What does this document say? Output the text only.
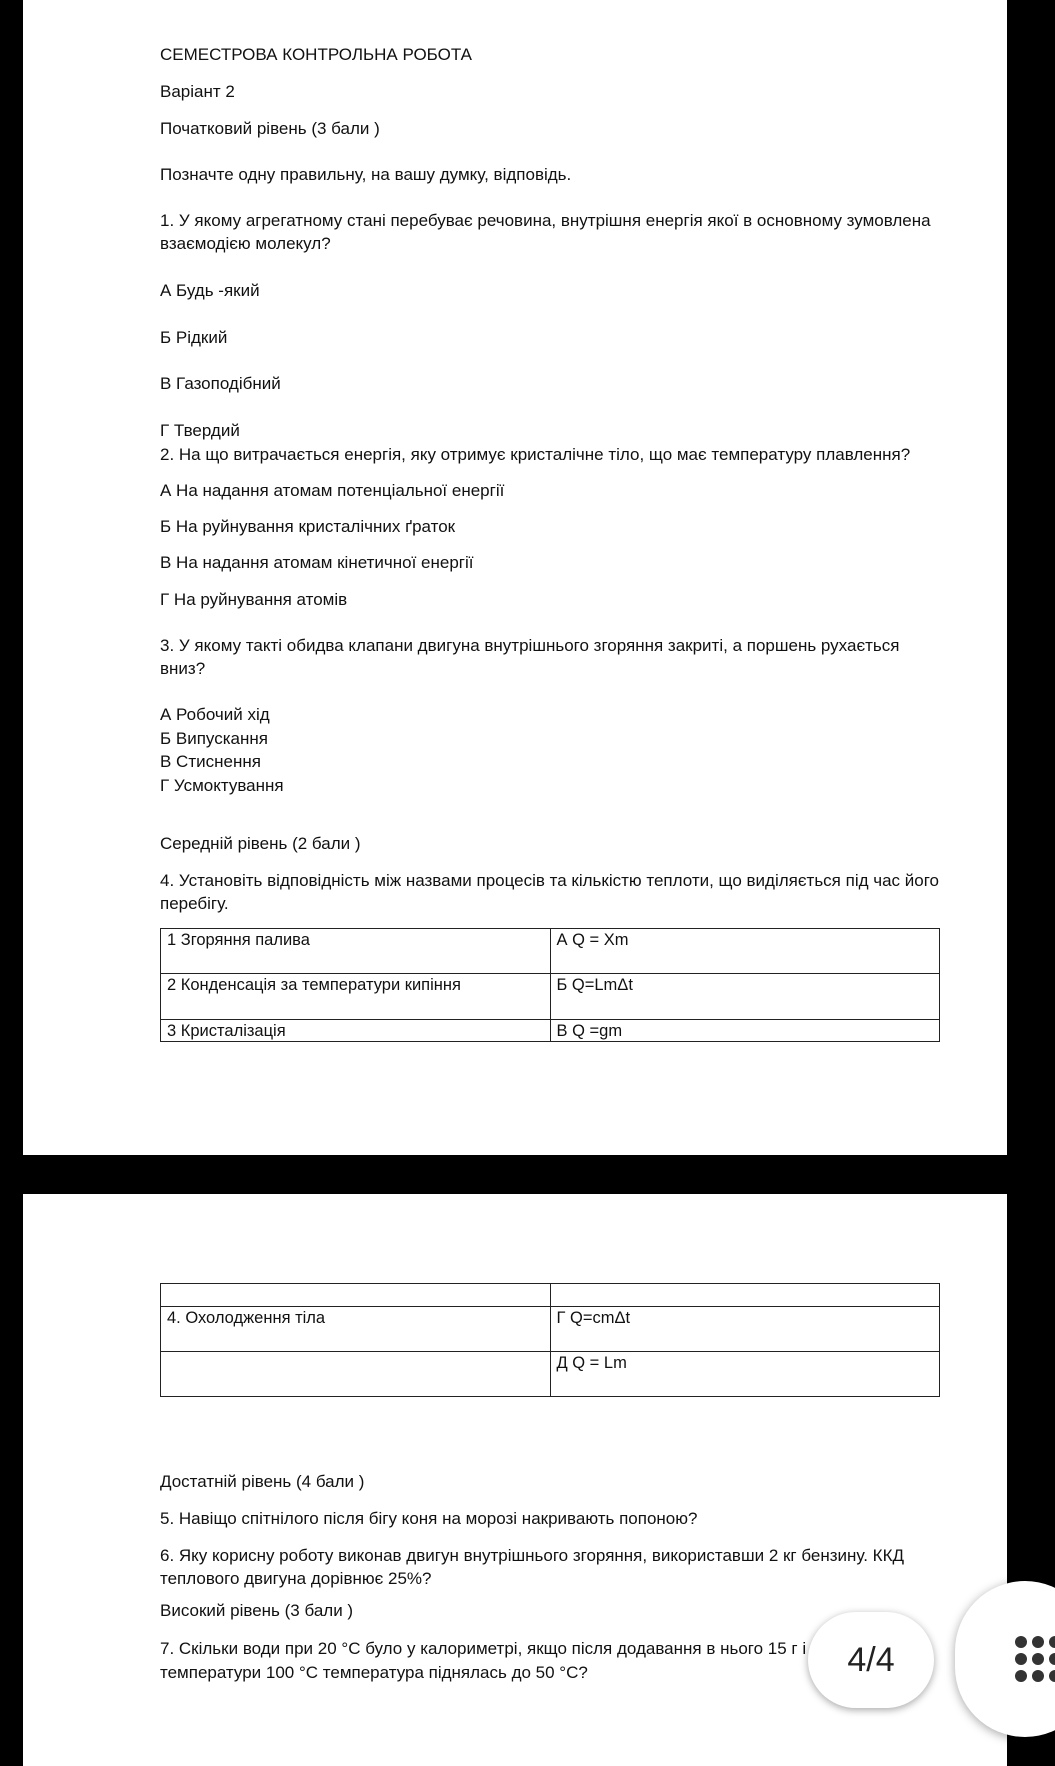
СЕМЕСТРОВА КОНТРОЛЬНА РОБОТА
Варіант 2
Початковий рівень (3 бали )
Позначте одну правильну, на вашу думку, відповідь.
1. У якому агрегатному стані перебуває речовина, внутрішня енергія якої в основному зумовлена взаємодією молекул?
А Будь -який
Б Рідкий
В Газоподібний
Г Твердий
2. На що витрачається енергія, яку отримує кристалічне тіло, що має температуру плавлення?
А На надання атомам потенціальної енергії
Б На руйнування кристалічних ґраток
В На надання атомам кінетичної енергії
Г На руйнування атомів
3. У якому такті обидва клапани двигуна внутрішнього згоряння закриті, а поршень рухається вниз?
А Робочий хід
Б Випускання
В Стиснення
Г Усмоктування
Середній рівень (2 бали )
4. Установіть відповідність між назвами процесів та кількістю теплоти, що виділяється під час його перебігу.
1 Згоряння палива	А Q = Xm
2 Конденсація за температури кипіння	Б Q=LmΔt
3 Кристалізація	В Q =gm

4. Охолодження тіла	Г Q=cmΔt
	Д Q = Lm
Достатній рівень (4 бали )
5. Навіщо спітнілого після бігу коня на морозі накривають попоною?
6. Яку корисну роботу виконав двигун внутрішнього згоряння, використавши 2 кг бензину. ККД теплового двигуна дорівнює 25%?
Високий рівень (3 бали )
7. Скільки води при 20 °С було у калориметрі, якщо після додавання в нього 15 г і
температури 100 °С температура піднялась до 50 °С?	4/4
